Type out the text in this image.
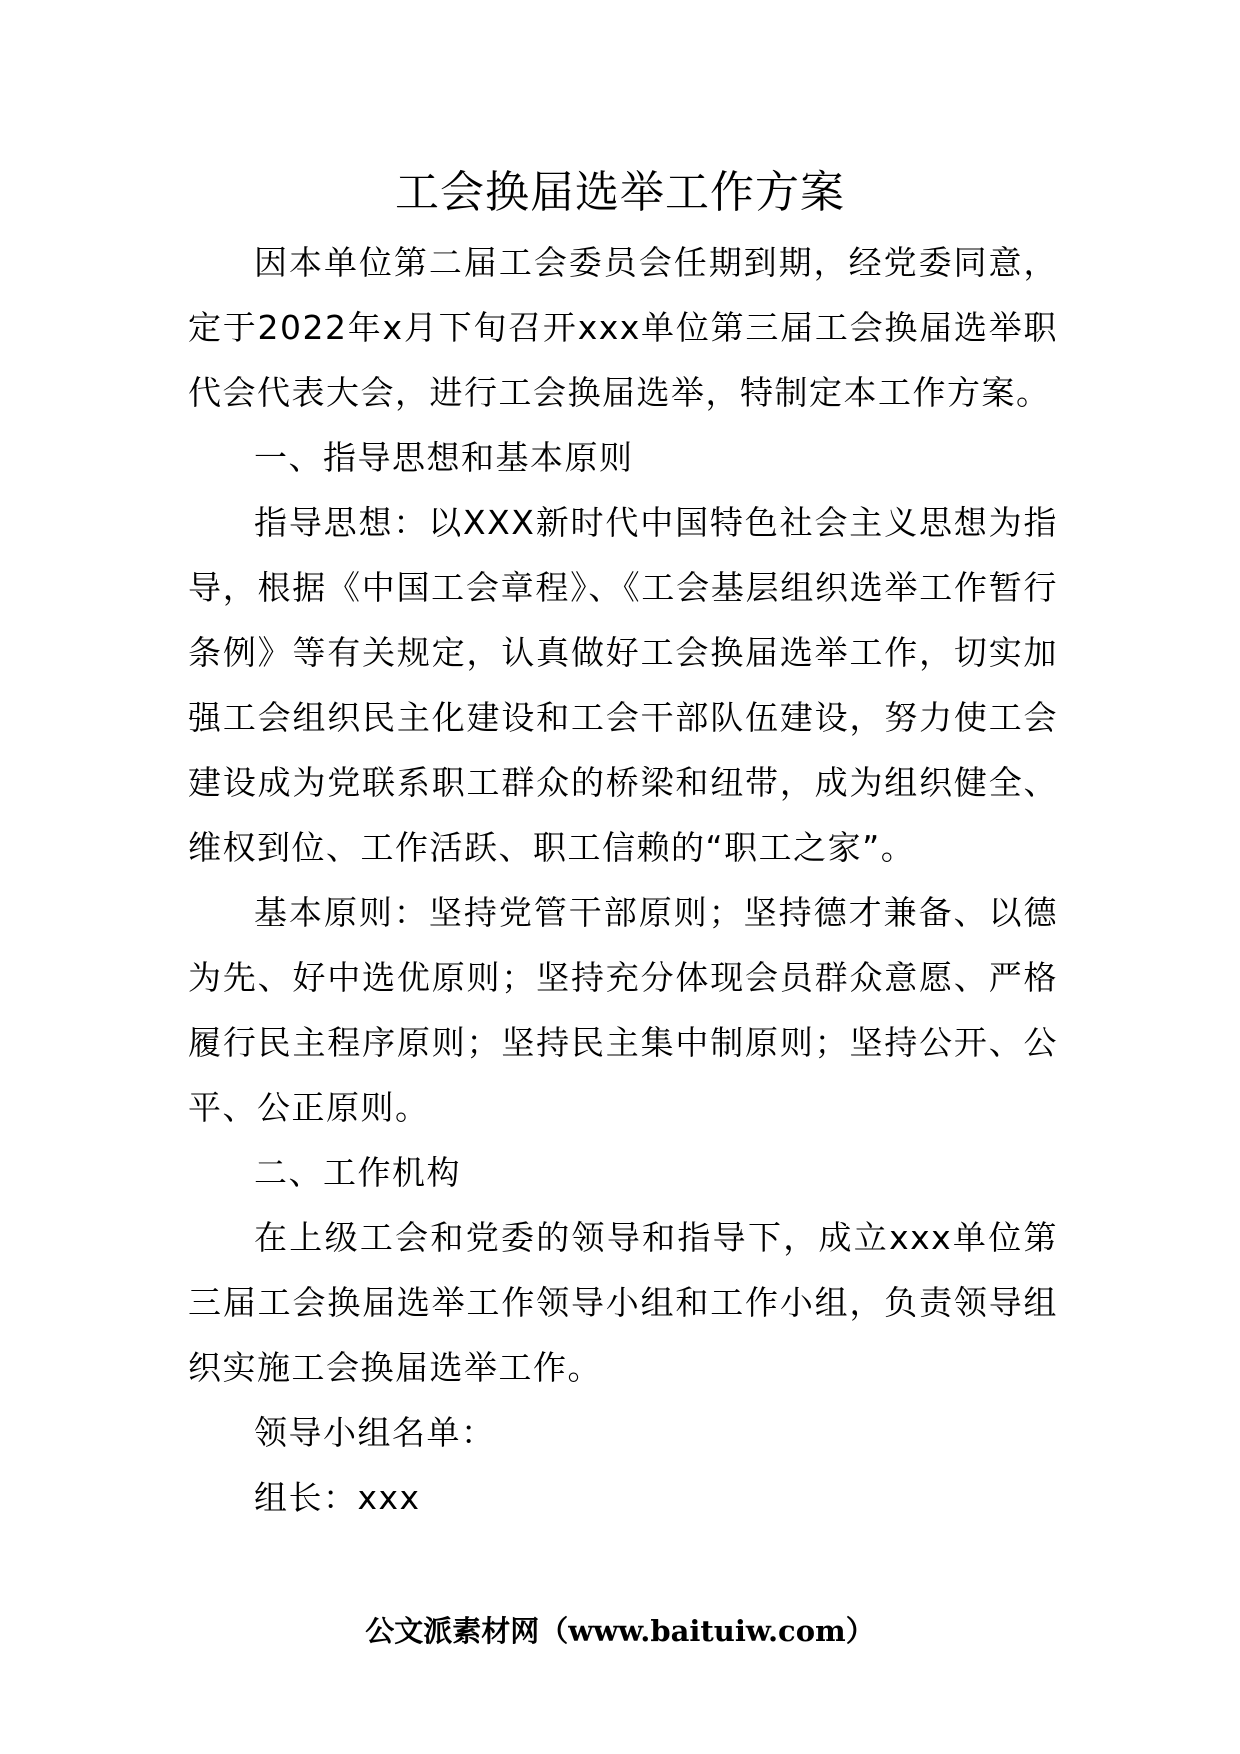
工会换届选举工作方案

因本单位第二届工会委员会任期到期，经党委同意，定于2022年x月下旬召开xxx单位第三届工会换届选举职代会代表大会，进行工会换届选举，特制定本工作方案。

一、指导思想和基本原则

指导思想：以XXX新时代中国特色社会主义思想为指导，根据《中国工会章程》、《工会基层组织选举工作暂行条例》等有关规定，认真做好工会换届选举工作，切实加强工会组织民主化建设和工会干部队伍建设，努力使工会建设成为党联系职工群众的桥梁和纽带，成为组织健全、维权到位、工作活跃、职工信赖的“职工之家”。

基本原则：坚持党管干部原则；坚持德才兼备、以德为先、好中选优原则；坚持充分体现会员群众意愿、严格履行民主程序原则；坚持民主集中制原则；坚持公开、公平、公正原则。

二、工作机构

在上级工会和党委的领导和指导下，成立xxx单位第三届工会换届选举工作领导小组和工作小组，负责领导组织实施工会换届选举工作。

领导小组名单：

组长：xxx

公文派素材网（www.baituiw.com）
